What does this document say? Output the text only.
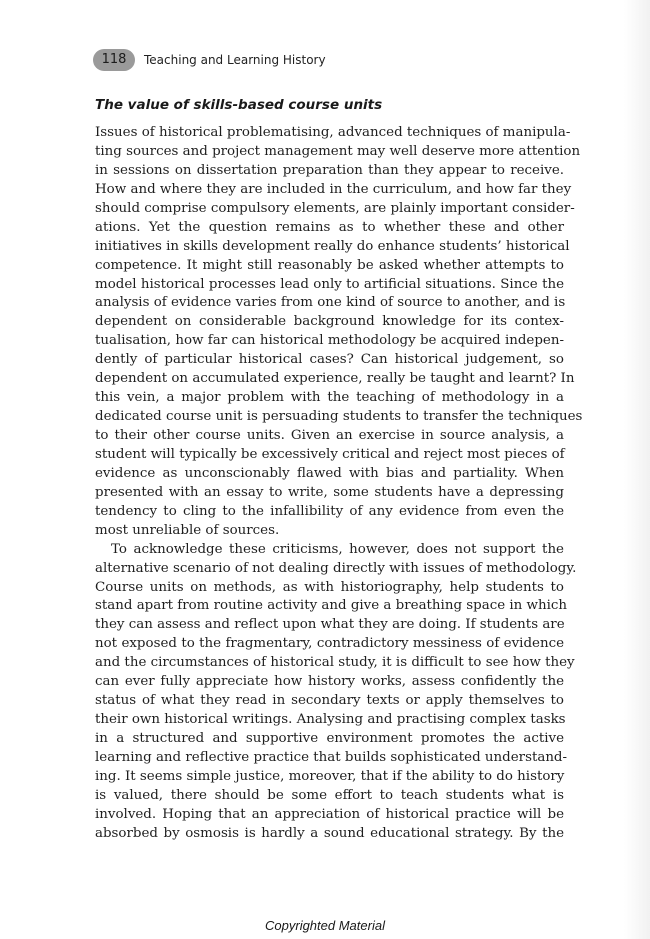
118	Teaching and Learning History
The value of skills-based course units
Issues of historical problematising, advanced techniques of manipula-
ting sources and project management may well deserve more attention
in sessions on dissertation preparation than they appear to receive.
How and where they are included in the curriculum, and how far they
should comprise compulsory elements, are plainly important consider-
ations. Yet the question remains as to whether these and other
initiatives in skills development really do enhance students’ historical
competence. It might still reasonably be asked whether attempts to
model historical processes lead only to artificial situations. Since the
analysis of evidence varies from one kind of source to another, and is
dependent on considerable background knowledge for its contex-
tualisation, how far can historical methodology be acquired indepen-
dently of particular historical cases? Can historical judgement, so
dependent on accumulated experience, really be taught and learnt? In
this vein, a major problem with the teaching of methodology in a
dedicated course unit is persuading students to transfer the techniques
to their other course units. Given an exercise in source analysis, a
student will typically be excessively critical and reject most pieces of
evidence as unconscionably flawed with bias and partiality. When
presented with an essay to write, some students have a depressing
tendency to cling to the infallibility of any evidence from even the
most unreliable of sources.
To acknowledge these criticisms, however, does not support the
alternative scenario of not dealing directly with issues of methodology.
Course units on methods, as with historiography, help students to
stand apart from routine activity and give a breathing space in which
they can assess and reflect upon what they are doing. If students are
not exposed to the fragmentary, contradictory messiness of evidence
and the circumstances of historical study, it is difficult to see how they
can ever fully appreciate how history works, assess confidently the
status of what they read in secondary texts or apply themselves to
their own historical writings. Analysing and practising complex tasks
in a structured and supportive environment promotes the active
learning and reflective practice that builds sophisticated understand-
ing. It seems simple justice, moreover, that if the ability to do history
is valued, there should be some effort to teach students what is
involved. Hoping that an appreciation of historical practice will be
absorbed by osmosis is hardly a sound educational strategy. By the
Copyrighted Material
